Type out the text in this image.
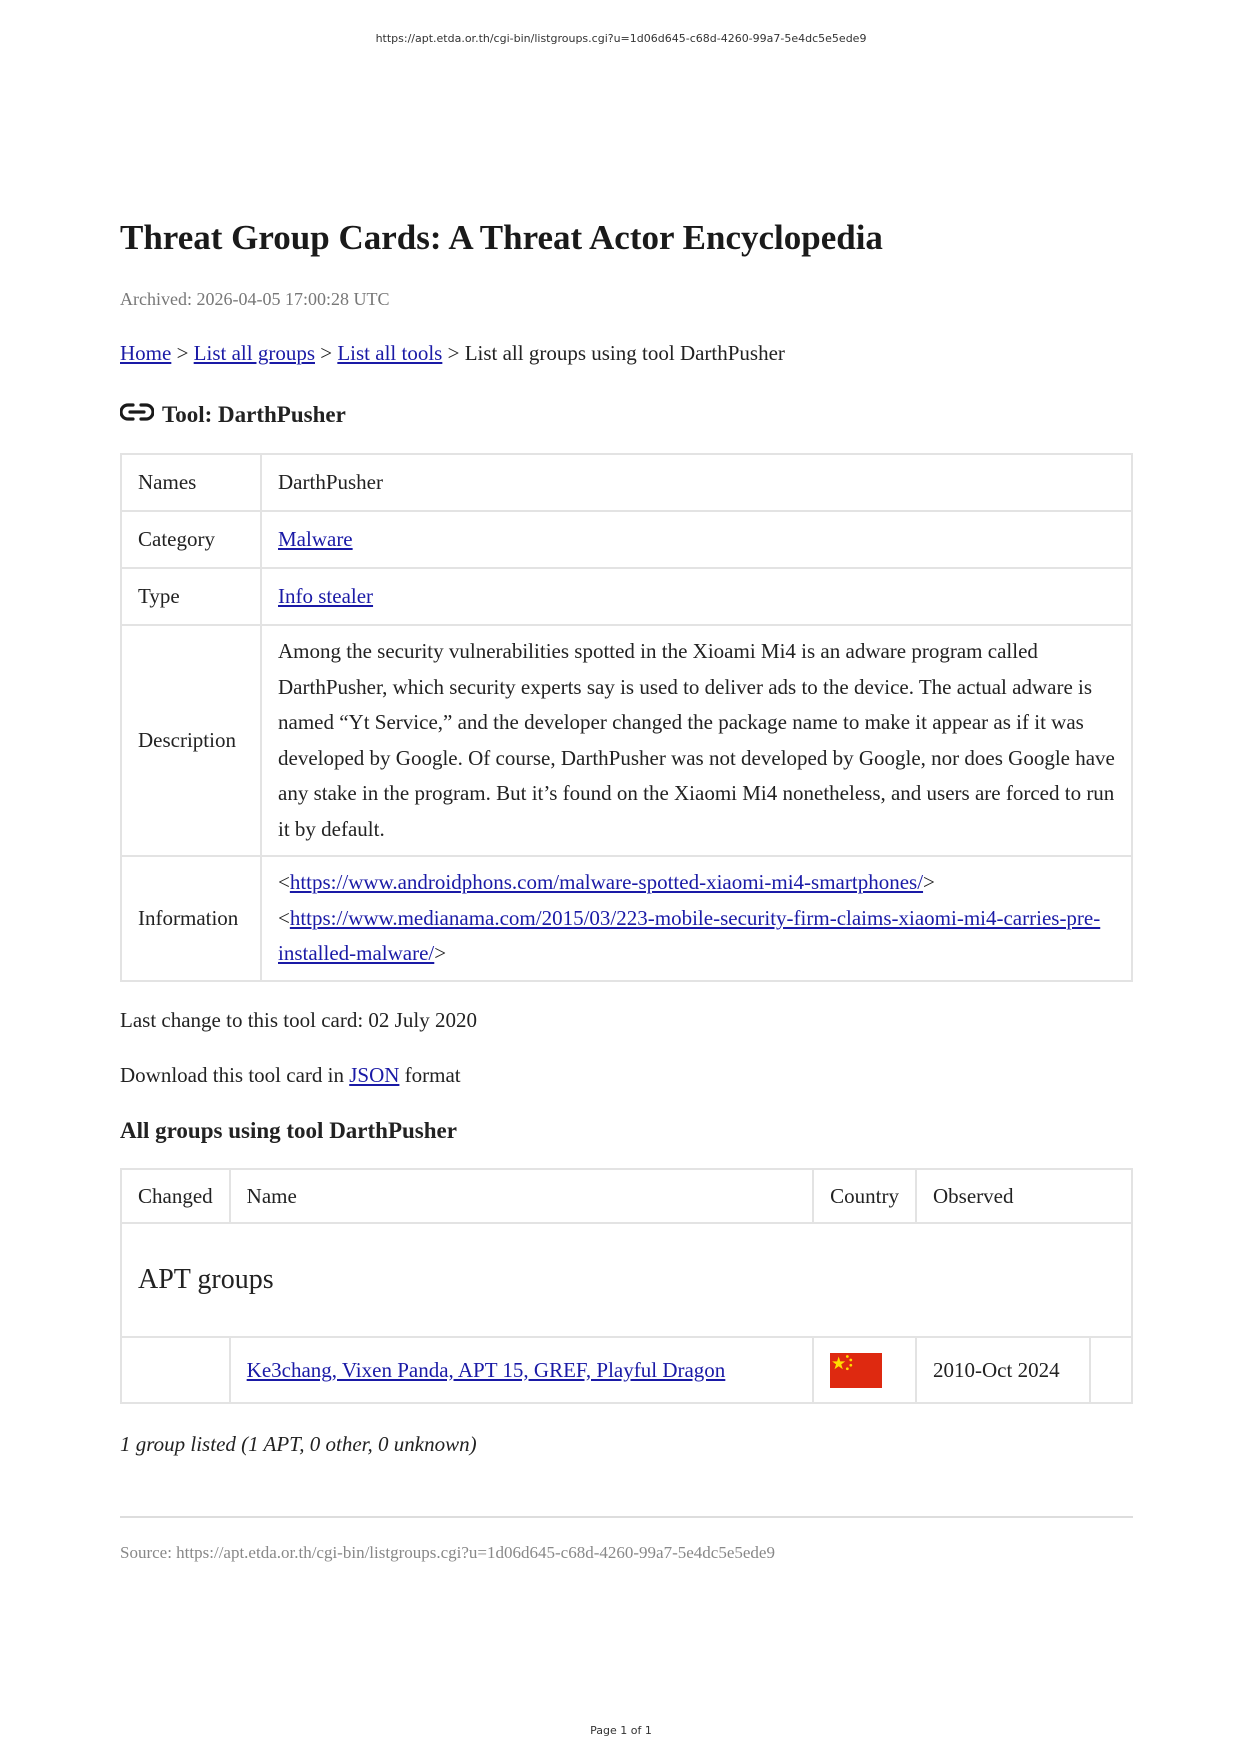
https://apt.etda.or.th/cgi-bin/listgroups.cgi?u=1d06d645-c68d-4260-99a7-5e4dc5e5ede9
Threat Group Cards: A Threat Actor Encyclopedia
Archived: 2026-04-05 17:00:28 UTC
Home > List all groups > List all tools > List all groups using tool DarthPusher
Tool: DarthPusher
Names	DarthPusher
Category	Malware
Type	Info stealer
Description	Among the security vulnerabilities spotted in the Xioami Mi4 is an adware program called DarthPusher, which security experts say is used to deliver ads to the device. The actual adware is named “Yt Service,” and the developer changed the package name to make it appear as if it was developed by Google. Of course, DarthPusher was not developed by Google, nor does Google have any stake in the program. But it’s found on the Xiaomi Mi4 nonetheless, and users are forced to run it by default.
Information	<https://www.androidphons.com/malware-spotted-xiaomi-mi4-smartphones/>
<https://www.medianama.com/2015/03/223-mobile-security-firm-claims-xiaomi-mi4-carries-pre-installed-malware/>
Last change to this tool card: 02 July 2020
Download this tool card in JSON format
All groups using tool DarthPusher
Changed	Name	Country	Observed	
APT groups				
	Ke3chang, Vixen Panda, APT 15, GREF, Playful Dragon		2010-Oct 2024	
1 group listed (1 APT, 0 other, 0 unknown)
Source: https://apt.etda.or.th/cgi-bin/listgroups.cgi?u=1d06d645-c68d-4260-99a7-5e4dc5e5ede9
Page 1 of 1
